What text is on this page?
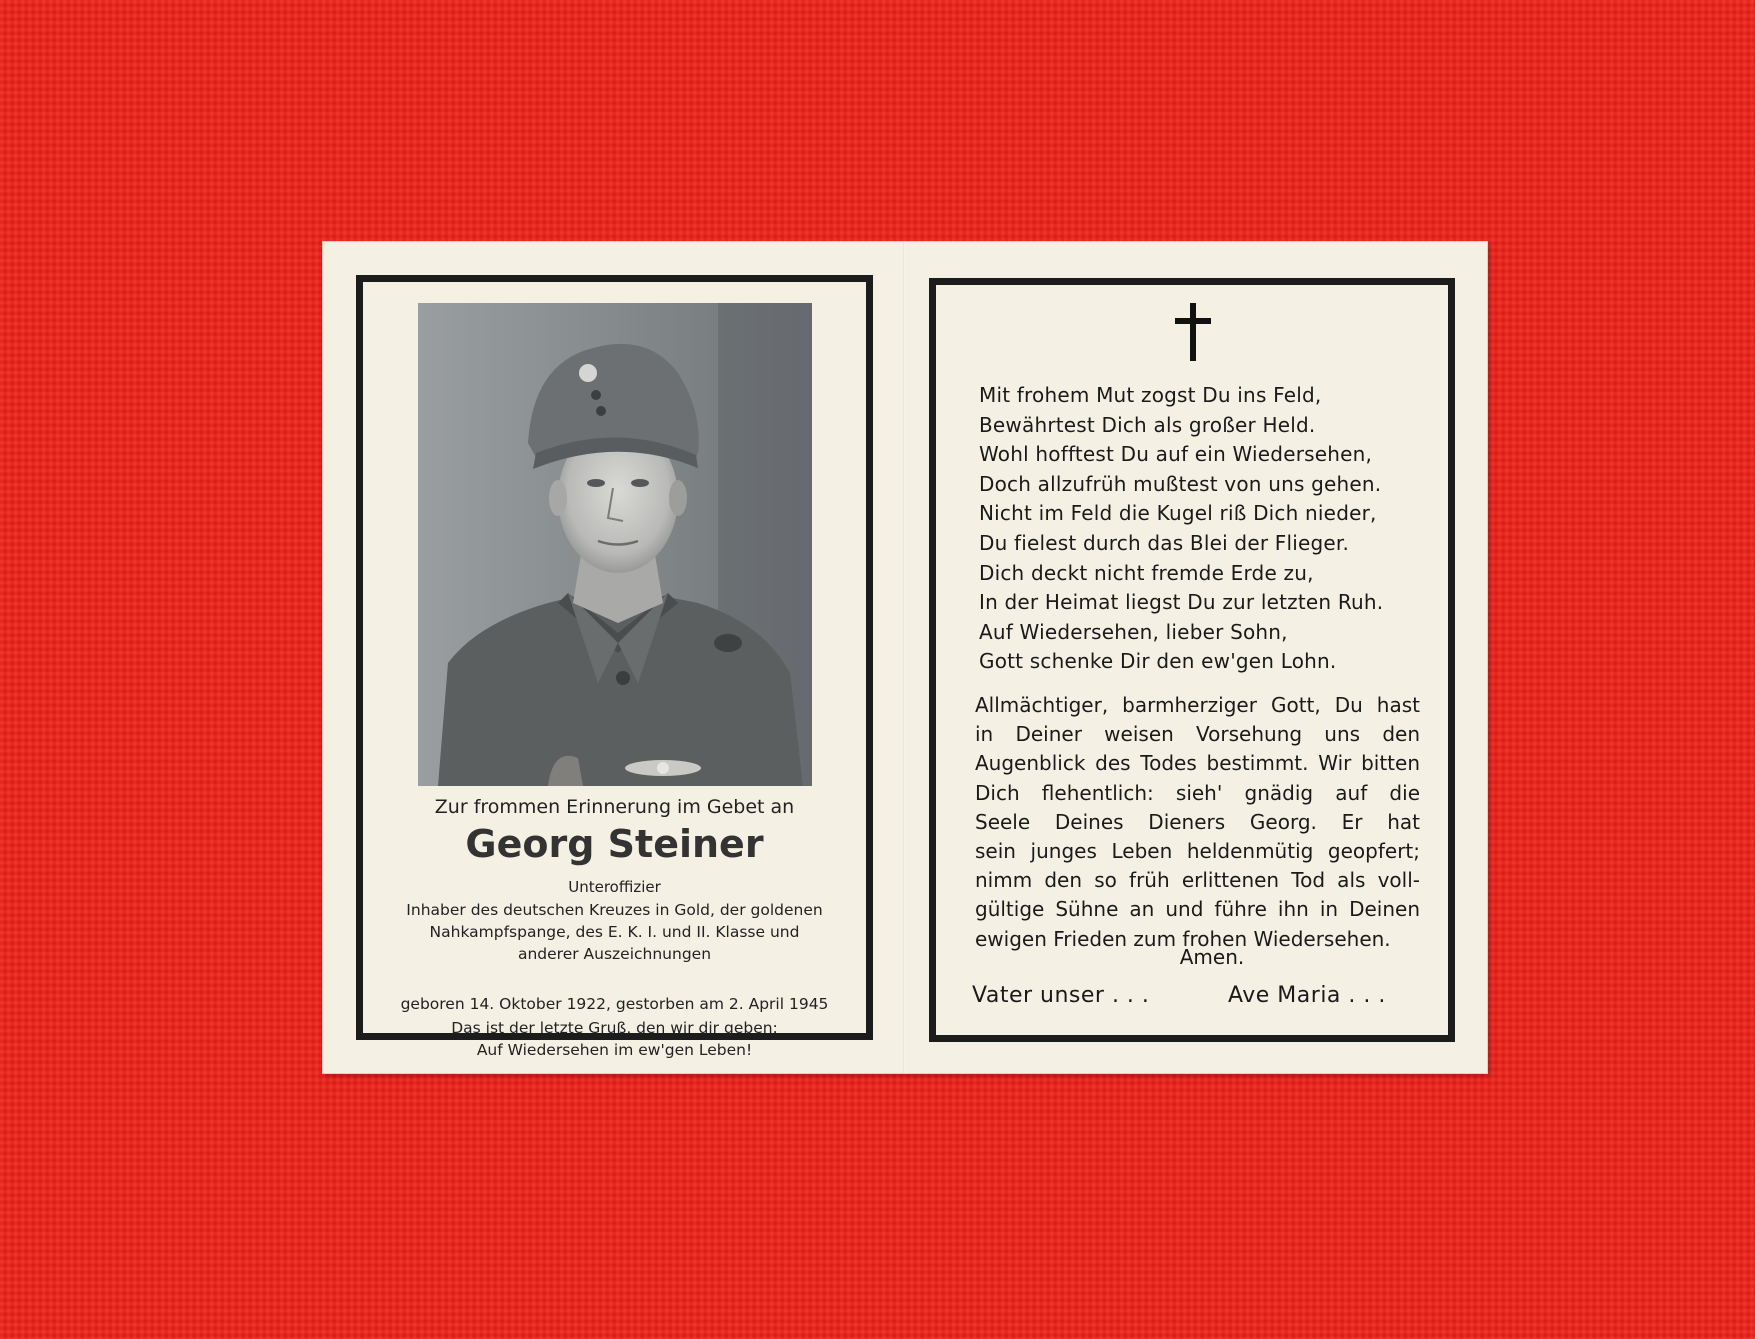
Zur frommen Erinnerung im Gebet an
Georg Steiner
Unteroffizier
Inhaber des deutschen Kreuzes in Gold, der goldenen
Nahkampfspange, des E. K. I. und II. Klasse und
anderer Auszeichnungen
geboren 14. Oktober 1922, gestorben am 2. April 1945
Das ist der letzte Gruß, den wir dir geben:
Auf Wiedersehen im ew'gen Leben!
Mit frohem Mut zogst Du ins Feld,
Bewährtest Dich als großer Held.
Wohl hofftest Du auf ein Wiedersehen,
Doch allzufrüh mußtest von uns gehen.
Nicht im Feld die Kugel riß Dich nieder,
Du fielest durch das Blei der Flieger.
Dich deckt nicht fremde Erde zu,
In der Heimat liegst Du zur letzten Ruh.
Auf Wiedersehen, lieber Sohn,
Gott schenke Dir den ew'gen Lohn.
Allmächtiger, barmherziger Gott, Du hast
in Deiner weisen Vorsehung uns den
Augenblick des Todes bestimmt. Wir bitten
Dich flehentlich: sieh' gnädig auf die
Seele Deines Dieners Georg. Er hat
sein junges Leben heldenmütig geopfert;
nimm den so früh erlittenen Tod als voll-
gültige Sühne an und führe ihn in Deinen
ewigen Frieden zum frohen Wiedersehen.
Amen.
Vater unser . . .	Ave Maria . . .
